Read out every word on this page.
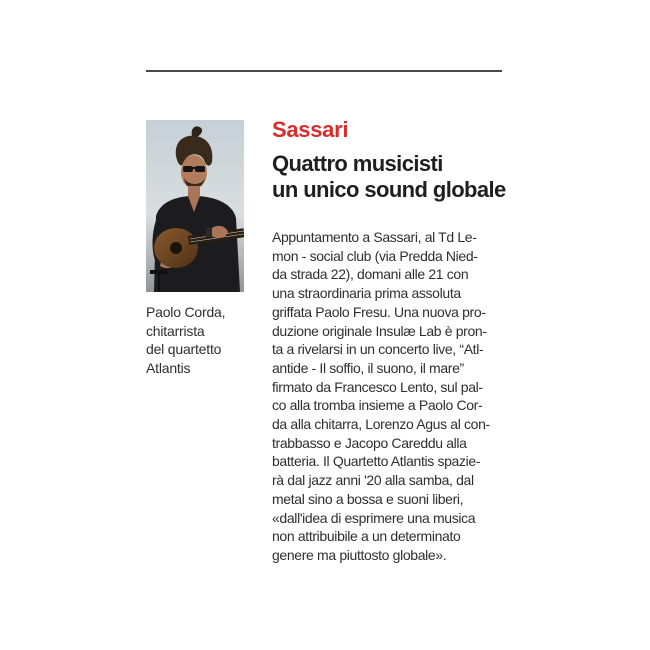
Paolo Corda,
chitarrista
del quartetto
Atlantis
Sassari
Quattro musicisti
un unico sound globale
Appuntamento a Sassari, al Td Le-
mon - social club (via Predda Nied-
da strada 22), domani alle 21 con
una straordinaria prima assoluta
griffata Paolo Fresu. Una nuova pro-
duzione originale Insulæ Lab è pron-
ta a rivelarsi in un concerto live, “Atl-
antide - Il soffio, il suono, il mare”
firmato da Francesco Lento, sul pal-
co alla tromba insieme a Paolo Cor-
da alla chitarra, Lorenzo Agus al con-
trabbasso e Jacopo Careddu alla
batteria. Il Quartetto Atlantis spazie-
rà dal jazz anni '20 alla samba, dal
metal sino a bossa e suoni liberi,
«dall'idea di esprimere una musica
non attribuibile a un determinato
genere ma piuttosto globale».
